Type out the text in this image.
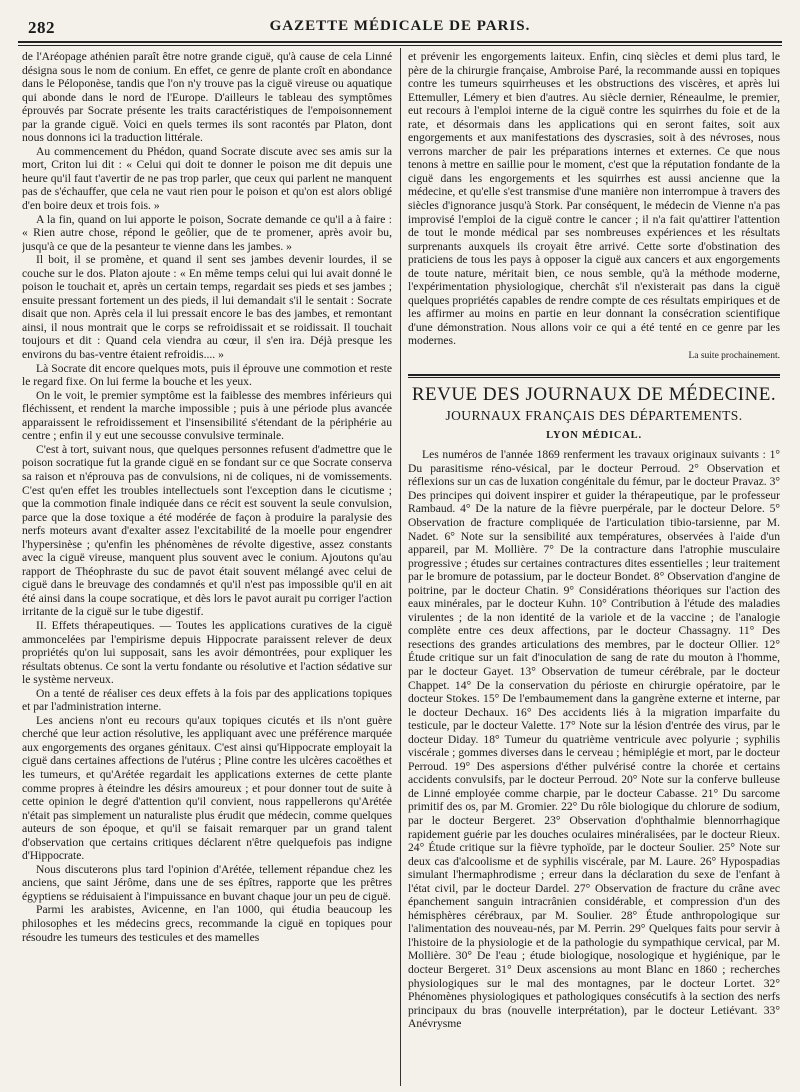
282	GAZETTE MÉDICALE DE PARIS.

de l'Aréopage athénien paraît être notre grande ciguë, qu'à cause de cela Linné désigna sous le nom de conium. En effet, ce genre de plante croît en abondance dans le Péloponèse, tandis que l'on n'y trouve pas la ciguë vireuse ou aquatique qui abonde dans le nord de l'Europe. D'ailleurs le tableau des symptômes éprouvés par Socrate présente les traits caractéristiques de l'empoisonnement par la grande ciguë. Voici en quels termes ils sont racontés par Platon, dont nous donnons ici la traduction littérale.

Au commencement du Phédon, quand Socrate discute avec ses amis sur la mort, Criton lui dit : « Celui qui doit te donner le poison me dit depuis une heure qu'il faut t'avertir de ne pas trop parler, que ceux qui parlent ne manquent pas de s'échauffer, que cela ne vaut rien pour le poison et qu'on est alors obligé d'en boire deux et trois fois. »

A la fin, quand on lui apporte le poison, Socrate demande ce qu'il a à faire : « Rien autre chose, répond le geôlier, que de te promener, après avoir bu, jusqu'à ce que de la pesanteur te vienne dans les jambes. »

Il boit, il se promène, et quand il sent ses jambes devenir lourdes, il se couche sur le dos. Platon ajoute : « En même temps celui qui lui avait donné le poison le touchait et, après un certain temps, regardait ses pieds et ses jambes ; ensuite pressant fortement un des pieds, il lui demandait s'il le sentait : Socrate disait que non. Après cela il lui pressait encore le bas des jambes, et remontant ainsi, il nous montrait que le corps se refroidissait et se roidissait. Il touchait toujours et dit : Quand cela viendra au cœur, il s'en ira. Déjà presque les environs du bas-ventre étaient refroidis.... »

Là Socrate dit encore quelques mots, puis il éprouve une commotion et reste le regard fixe. On lui ferme la bouche et les yeux.

On le voit, le premier symptôme est la faiblesse des membres inférieurs qui fléchissent, et rendent la marche impossible ; puis à une période plus avancée apparaissent le refroidissement et l'insensibilité s'étendant de la périphérie au centre ; enfin il y eut une secousse convulsive terminale.

C'est à tort, suivant nous, que quelques personnes refusent d'admettre que le poison socratique fut la grande ciguë en se fondant sur ce que Socrate conserva sa raison et n'éprouva pas de convulsions, ni de coliques, ni de vomissements. C'est qu'en effet les troubles intellectuels sont l'exception dans le cicutisme ; que la commotion finale indiquée dans ce récit est souvent la seule convulsion, parce que la dose toxique a été modérée de façon à produire la paralysie des nerfs moteurs avant d'exalter assez l'excitabilité de la moelle pour engendrer l'hypersinèse ; qu'enfin les phénomènes de révolte digestive, assez constants avec la ciguë vireuse, manquent plus souvent avec le conium. Ajoutons qu'au rapport de Théophraste du suc de pavot était souvent mélangé avec celui de ciguë dans le breuvage des condamnés et qu'il n'est pas impossible qu'il en ait été ainsi dans la coupe socratique, et dès lors le pavot aurait pu corriger l'action irritante de la ciguë sur le tube digestif.

II. Effets thérapeutiques. — Toutes les applications curatives de la ciguë ammoncelées par l'empirisme depuis Hippocrate paraissent relever de deux propriétés qu'on lui supposait, sans les avoir démontrées, pour expliquer les résultats obtenus. Ce sont la vertu fondante ou résolutive et l'action sédative sur le système nerveux.

On a tenté de réaliser ces deux effets à la fois par des applications topiques et par l'administration interne.

Les anciens n'ont eu recours qu'aux topiques cicutés et ils n'ont guère cherché que leur action résolutive, les appliquant avec une préférence marquée aux engorgements des organes génitaux. C'est ainsi qu'Hippocrate employait la ciguë dans certaines affections de l'utérus ; Pline contre les ulcères cacoëthes et les tumeurs, et qu'Arétée regardait les applications externes de cette plante comme propres à éteindre les désirs amoureux ; et pour donner tout de suite à cette opinion le degré d'attention qu'il convient, nous rappellerons qu'Arétée n'était pas simplement un naturaliste plus érudit que médecin, comme quelques auteurs de son époque, et qu'il se faisait remarquer par un grand talent d'observation que certains critiques déclarent n'être quelquefois pas indigne d'Hippocrate.

Nous discuterons plus tard l'opinion d'Arétée, tellement répandue chez les anciens, que saint Jérôme, dans une de ses épîtres, rapporte que les prêtres égyptiens se réduisaient à l'impuissance en buvant chaque jour un peu de ciguë.

Parmi les arabistes, Avicenne, en l'an 1000, qui étudia beaucoup les philosophes et les médecins grecs, recommande la ciguë en topiques pour résoudre les tumeurs des testicules et des mamelles

et prévenir les engorgements laiteux. Enfin, cinq siècles et demi plus tard, le père de la chirurgie française, Ambroise Paré, la recommande aussi en topiques contre les tumeurs squirrheuses et les obstructions des viscères, et après lui Ettemuller, Lémery et bien d'autres. Au siècle dernier, Réneaulme, le premier, eut recours à l'emploi interne de la ciguë contre les squirrhes du foie et de la rate, et désormais dans les applications qui en seront faites, soit aux engorgements et aux manifestations des dyscrasies, soit à des névroses, nous verrons marcher de pair les préparations internes et externes. Ce que nous tenons à mettre en saillie pour le moment, c'est que la réputation fondante de la ciguë dans les engorgements et les squirrhes est aussi ancienne que la médecine, et qu'elle s'est transmise d'une manière non interrompue à travers des siècles d'ignorance jusqu'à Stork. Par conséquent, le médecin de Vienne n'a pas improvisé l'emploi de la ciguë contre le cancer ; il n'a fait qu'attirer l'attention de tout le monde médical par ses nombreuses expériences et les résultats surprenants auxquels ils croyait être arrivé. Cette sorte d'obstination des praticiens de tous les pays à opposer la ciguë aux cancers et aux engorgements de toute nature, méritait bien, ce nous semble, qu'à la méthode moderne, l'expérimentation physiologique, cherchât s'il n'existerait pas dans la ciguë quelques propriétés capables de rendre compte de ces résultats empiriques et de les affirmer au moins en partie en leur donnant la consécration scientifique d'une démonstration. Nous allons voir ce qui a été tenté en ce genre par les modernes.

La suite prochainement.

REVUE DES JOURNAUX DE MÉDECINE.
JOURNAUX FRANÇAIS DES DÉPARTEMENTS.
LYON MÉDICAL.

Les numéros de l'année 1869 renferment les travaux originaux suivants : 1° Du parasitisme réno-vésical, par le docteur Perroud. 2° Observation et réflexions sur un cas de luxation congénitale du fémur, par le docteur Pravaz. 3° Des principes qui doivent inspirer et guider la thérapeutique, par le professeur Rambaud. 4° De la nature de la fièvre puerpérale, par le docteur Delore. 5° Observation de fracture compliquée de l'articulation tibio-tarsienne, par M. Nadet. 6° Note sur la sensibilité aux températures, observées à l'aide d'un appareil, par M. Mollière. 7° De la contracture dans l'atrophie musculaire progressive ; études sur certaines contractures dites essentielles ; leur traitement par le bromure de potassium, par le docteur Bondet. 8° Observation d'angine de poitrine, par le docteur Chatin. 9° Considérations théoriques sur l'action des eaux minérales, par le docteur Kuhn. 10° Contribution à l'étude des maladies virulentes ; de la non identité de la variole et de la vaccine ; de l'analogie complète entre ces deux affections, par le docteur Chassagny. 11° Des resections des grandes articulations des membres, par le docteur Ollier. 12° Étude critique sur un fait d'inoculation de sang de rate du mouton à l'homme, par le docteur Gayet. 13° Observation de tumeur cérébrale, par le docteur Chappet. 14° De la conservation du périoste en chirurgie opératoire, par le docteur Stokes. 15° De l'embaumement dans la gangrène externe et interne, par le docteur Dechaux. 16° Des accidents liés à la migration imparfaite du testicule, par le docteur Valette. 17° Note sur la lésion d'entrée des virus, par le docteur Diday. 18° Tumeur du quatrième ventricule avec polyurie ; syphilis viscérale ; gommes diverses dans le cerveau ; hémiplégie et mort, par le docteur Perroud. 19° Des aspersions d'éther pulvérisé contre la chorée et certains accidents convulsifs, par le docteur Perroud. 20° Note sur la conferve bulleuse de Linné employée comme charpie, par le docteur Cabasse. 21° Du sarcome primitif des os, par M. Gromier. 22° Du rôle biologique du chlorure de sodium, par le docteur Bergeret. 23° Observation d'ophthalmie blennorrhagique rapidement guérie par les douches oculaires minéralisées, par le docteur Rieux. 24° Étude critique sur la fièvre typhoïde, par le docteur Soulier. 25° Note sur deux cas d'alcoolisme et de syphilis viscérale, par M. Laure. 26° Hypospadias simulant l'hermaphrodisme ; erreur dans la déclaration du sexe de l'enfant à l'état civil, par le docteur Dardel. 27° Observation de fracture du crâne avec épanchement sanguin intracrânien considérable, et compression d'un des hémisphères cérébraux, par M. Soulier. 28° Étude anthropologique sur l'alimentation des nouveau-nés, par M. Perrin. 29° Quelques faits pour servir à l'histoire de la physiologie et de la pathologie du sympathique cervical, par M. Mollière. 30° De l'eau ; étude biologique, nosologique et hygiénique, par le docteur Bergeret. 31° Deux ascensions au mont Blanc en 1860 ; recherches physiologiques sur le mal des montagnes, par le docteur Lortet. 32° Phénomènes physiologiques et pathologiques consécutifs à la section des nerfs principaux du bras (nouvelle interprétation), par le docteur Letiévant. 33° Anévrysme
